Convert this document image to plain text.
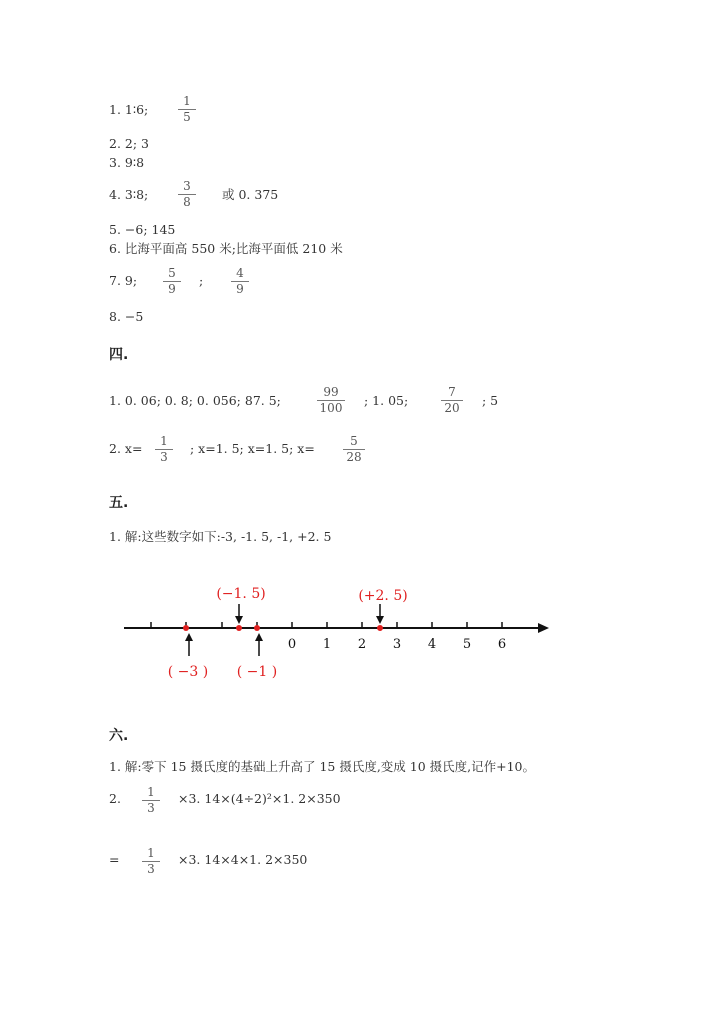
1. 1∶6;
1
5
2. 2; 3
3. 9∶8
4. 3∶8;
3
8	或 0. 375
5. −6; 145
6. 比海平面高 550 米;比海平面低 210 米
7. 9;	5
9
;	4
9
8. −5
四.
1. 0. 06; 0. 8; 0. 056; 87. 5;
99
100	; 1. 05;
7
20	; 5
2. x=	1
3
; x=1. 5; x=1. 5; x=	5
28
五.
1. 解:这些数字如下:-3, -1. 5, -1, +2. 5
0 1 2 3 4 5 6
(−1. 5)	(+2. 5)
( −3 ) ( −1 )
六.
1. 解:零下 15 摄氏度的基础上升高了 15 摄氏度,变成 10 摄氏度,记作+10。
2.	1
3
×3. 14×(4÷2)²×1. 2×350
=	1
3
×3. 14×4×1. 2×350
